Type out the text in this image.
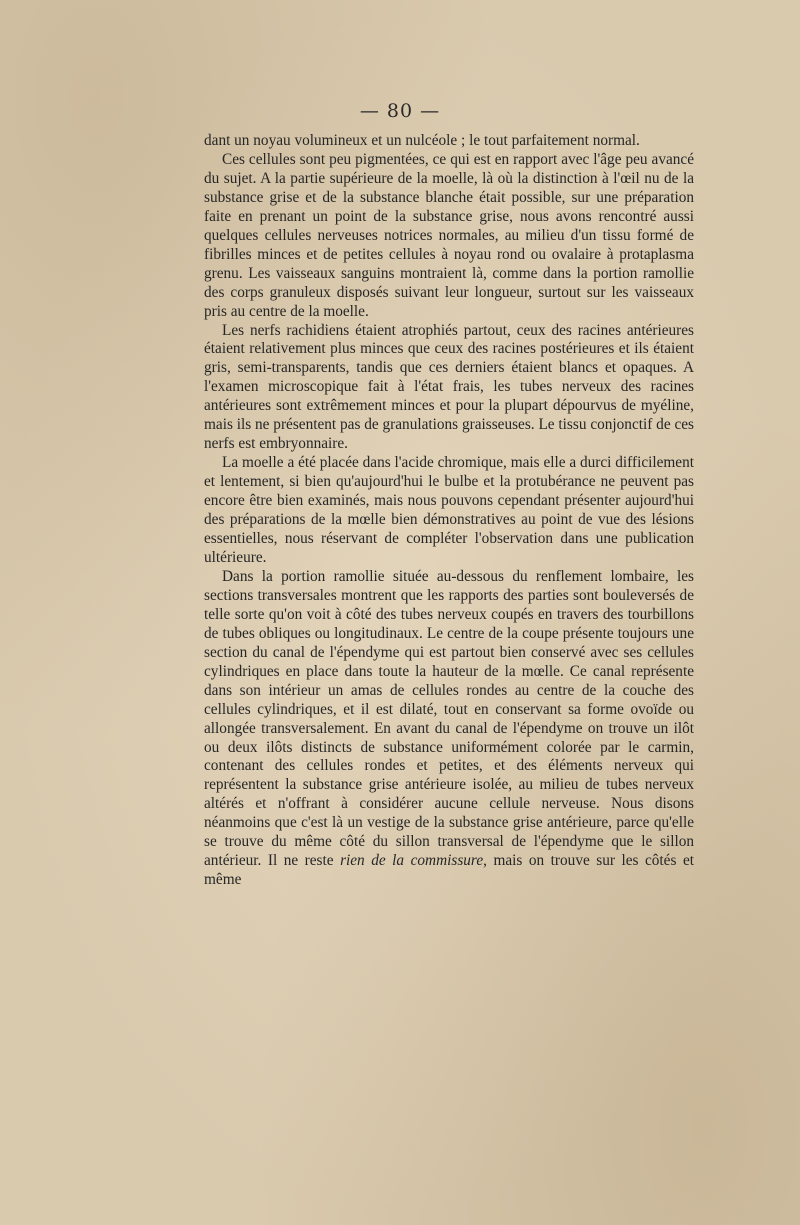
— 80 —

dant un noyau volumineux et un nulcéole ; le tout parfaitement normal.

Ces cellules sont peu pigmentées, ce qui est en rapport avec l'âge peu avancé du sujet. A la partie supérieure de la moelle, là où la distinction à l'œil nu de la substance grise et de la substance blanche était possible, sur une préparation faite en prenant un point de la substance grise, nous avons rencontré aussi quelques cellules nerveuses notrices normales, au milieu d'un tissu formé de fibrilles minces et de petites cellules à noyau rond ou ovalaire à protaplasma grenu. Les vaisseaux sanguins montraient là, comme dans la portion ramollie des corps granuleux disposés suivant leur longueur, surtout sur les vaisseaux pris au centre de la moelle.

Les nerfs rachidiens étaient atrophiés partout, ceux des racines antérieures étaient relativement plus minces que ceux des racines postérieures et ils étaient gris, semi-transparents, tandis que ces derniers étaient blancs et opaques. A l'examen microscopique fait à l'état frais, les tubes nerveux des racines antérieures sont extrêmement minces et pour la plupart dépourvus de myéline, mais ils ne présentent pas de granulations graisseuses. Le tissu conjonctif de ces nerfs est embryonnaire.

La moelle a été placée dans l'acide chromique, mais elle a durci difficilement et lentement, si bien qu'aujourd'hui le bulbe et la protubérance ne peuvent pas encore être bien examinés, mais nous pouvons cependant présenter aujourd'hui des préparations de la mœlle bien démonstratives au point de vue des lésions essentielles, nous réservant de compléter l'observation dans une publication ultérieure.

Dans la portion ramollie située au-dessous du renflement lombaire, les sections transversales montrent que les rapports des parties sont bouleversés de telle sorte qu'on voit à côté des tubes nerveux coupés en travers des tourbillons de tubes obliques ou longitudinaux. Le centre de la coupe présente toujours une section du canal de l'épendyme qui est partout bien conservé avec ses cellules cylindriques en place dans toute la hauteur de la mœlle. Ce canal représente dans son intérieur un amas de cellules rondes au centre de la couche des cellules cylindriques, et il est dilaté, tout en conservant sa forme ovoïde ou allongée transversalement. En avant du canal de l'épendyme on trouve un ilôt ou deux ilôts distincts de substance uniformément colorée par le carmin, contenant des cellules rondes et petites, et des éléments nerveux qui représentent la substance grise antérieure isolée, au milieu de tubes nerveux altérés et n'offrant à considérer aucune cellule nerveuse. Nous disons néanmoins que c'est là un vestige de la substance grise antérieure, parce qu'elle se trouve du même côté du sillon transversal de l'épendyme que le sillon antérieur. Il ne reste rien de la commissure, mais on trouve sur les côtés et même
